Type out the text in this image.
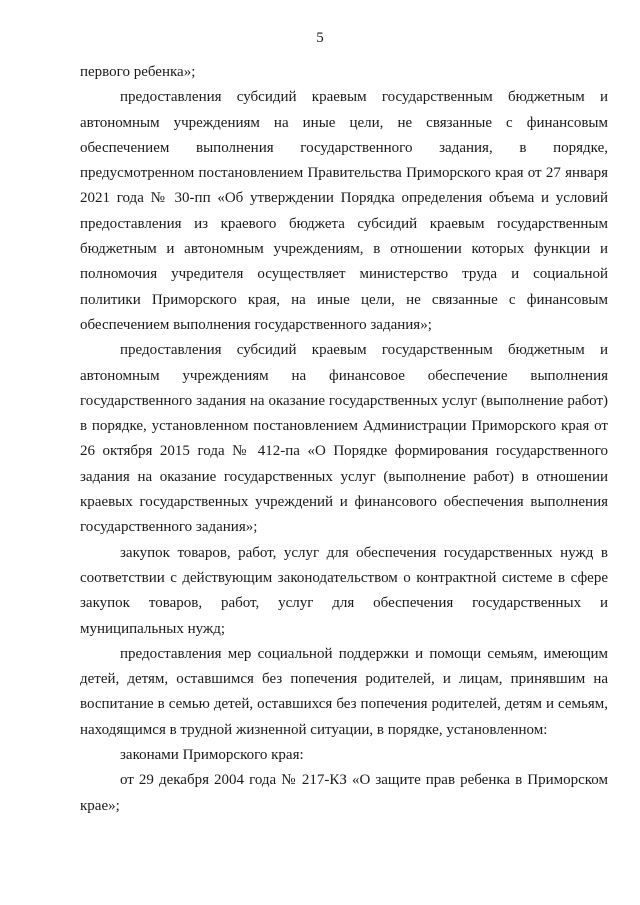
5

первого ребенка»;

предоставления субсидий краевым государственным бюджетным и автономным учреждениям на иные цели, не связанные с финансовым обеспечением выполнения государственного задания, в порядке, предусмотренном постановлением Правительства Приморского края от 27 января 2021 года № 30-пп «Об утверждении Порядка определения объема и условий предоставления из краевого бюджета субсидий краевым государственным бюджетным и автономным учреждениям, в отношении которых функции и полномочия учредителя осуществляет министерство труда и социальной политики Приморского края, на иные цели, не связанные с финансовым обеспечением выполнения государственного задания»;

предоставления субсидий краевым государственным бюджетным и автономным учреждениям на финансовое обеспечение выполнения государственного задания на оказание государственных услуг (выполнение работ) в порядке, установленном постановлением Администрации Приморского края от 26 октября 2015 года № 412-па «О Порядке формирования государственного задания на оказание государственных услуг (выполнение работ) в отношении краевых государственных учреждений и финансового обеспечения выполнения государственного задания»;

закупок товаров, работ, услуг для обеспечения государственных нужд в соответствии с действующим законодательством о контрактной системе в сфере закупок товаров, работ, услуг для обеспечения государственных и муниципальных нужд;

предоставления мер социальной поддержки и помощи семьям, имеющим детей, детям, оставшимся без попечения родителей, и лицам, принявшим на воспитание в семью детей, оставшихся без попечения родителей, детям и семьям, находящимся в трудной жизненной ситуации, в порядке, установленном:

законами Приморского края:

от 29 декабря 2004 года № 217-КЗ «О защите прав ребенка в Приморском крае»;
